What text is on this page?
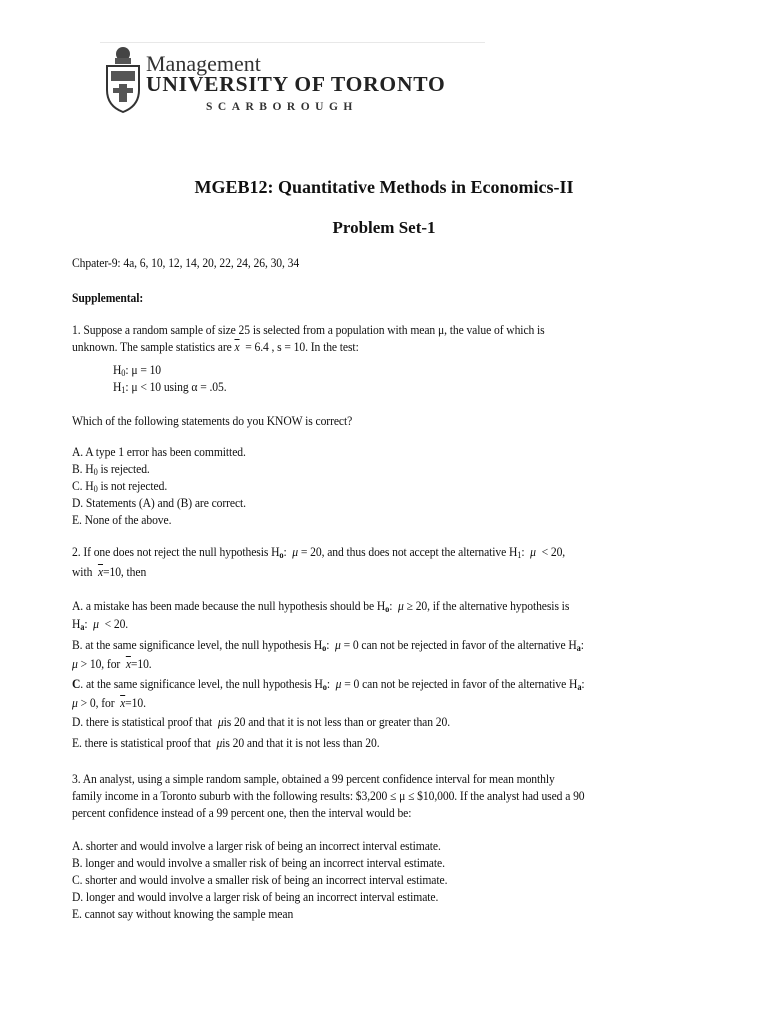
Management
UNIVERSITY OF TORONTO
SCARBOROUGH
MGEB12: Quantitative Methods in Economics-II
Problem Set-1
Chpater-9: 4a, 6, 10, 12, 14, 20, 22, 24, 26, 30, 34
Supplemental:
1. Suppose a random sample of size 25 is selected from a population with mean μ, the value of which is
unknown. The sample statistics are $\overline{x} = 6.4$ , s = 10. In the test:
$H_0$: μ = 10
$H_1$: μ < 10 using α = .05.
Which of the following statements do you KNOW is correct?
A. A type 1 error has been committed.
B. $H_0$ is rejected.
C. $H_0$ is not rejected.
D. Statements (A) and (B) are correct.
E. None of the above.
2. If one does not reject the null hypothesis $H_o$:  μ = 20, and thus does not accept the alternative $H_1$:  μ < 20,
with $\overline{x}=10$, then
A. a mistake has been made because the null hypothesis should be $H_o$:  μ ≥ 20, if the alternative hypothesis is
$H_a$:  μ < 20.
B. at the same significance level, the null hypothesis $H_o$:  μ = 0 can not be rejected in favor of the alternative $H_a$:
μ > 10, for $\overline{x}=10$.
C. at the same significance level, the null hypothesis $H_o$:  μ = 0 can not be rejected in favor of the alternative $H_a$:
μ > 0, for $\overline{x}=10$.
D. there is statistical proof that μis 20 and that it is not less than or greater than 20.
E. there is statistical proof that μis 20 and that it is not less than 20.
3. An analyst, using a simple random sample, obtained a 99 percent confidence interval for mean monthly
family income in a Toronto suburb with the following results: $3,200 ≤ μ ≤ $10,000. If the analyst had used a 90
percent confidence instead of a 99 percent one, then the interval would be:
A. shorter and would involve a larger risk of being an incorrect interval estimate.
B. longer and would involve a smaller risk of being an incorrect interval estimate.
C. shorter and would involve a smaller risk of being an incorrect interval estimate.
D. longer and would involve a larger risk of being an incorrect interval estimate.
E. cannot say without knowing the sample mean
